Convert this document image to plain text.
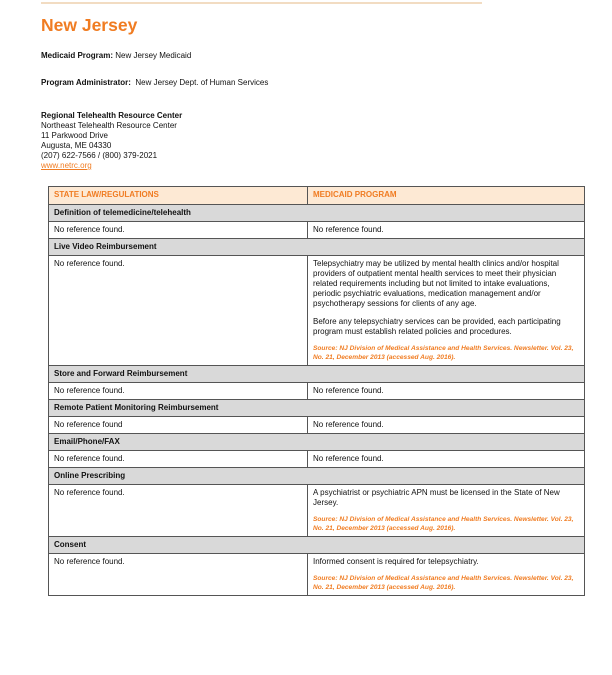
New Jersey
Medicaid Program: New Jersey Medicaid
Program Administrator: New Jersey Dept. of Human Services
Regional Telehealth Resource Center
Northeast Telehealth Resource Center
11 Parkwood Drive
Augusta, ME 04330
(207) 622-7566 / (800) 379-2021
www.netrc.org
STATE LAW/REGULATIONS	MEDICAID PROGRAM
Definition of telemedicine/telehealth	
No reference found.	No reference found.

Live Video Reimbursement	
No reference found.	Telepsychiatry may be utilized by mental health clinics and/or hospital providers of outpatient mental health services to meet their physician related requirements including but not limited to intake evaluations, periodic psychiatric evaluations, medication management and/or psychotherapy sessions for clients of any age.

Before any telepsychiatry services can be provided, each participating program must establish related policies and procedures.

Source: NJ Division of Medical Assistance and Health Services. Newsletter. Vol. 23, No. 21, December 2013 (accessed Aug. 2016).

Store and Forward Reimbursement	
No reference found.	No reference found.

Remote Patient Monitoring Reimbursement	
No reference found	No reference found.

Email/Phone/FAX	
No reference found.	No reference found.

Online Prescribing	
No reference found.	A psychiatrist or psychiatric APN must be licensed in the State of New Jersey.

Source: NJ Division of Medical Assistance and Health Services. Newsletter. Vol. 23, No. 21, December 2013 (accessed Aug. 2016).

Consent	
No reference found.	Informed consent is required for telepsychiatry.

Source: NJ Division of Medical Assistance and Health Services. Newsletter. Vol. 23, No. 21, December 2013 (accessed Aug. 2016).
